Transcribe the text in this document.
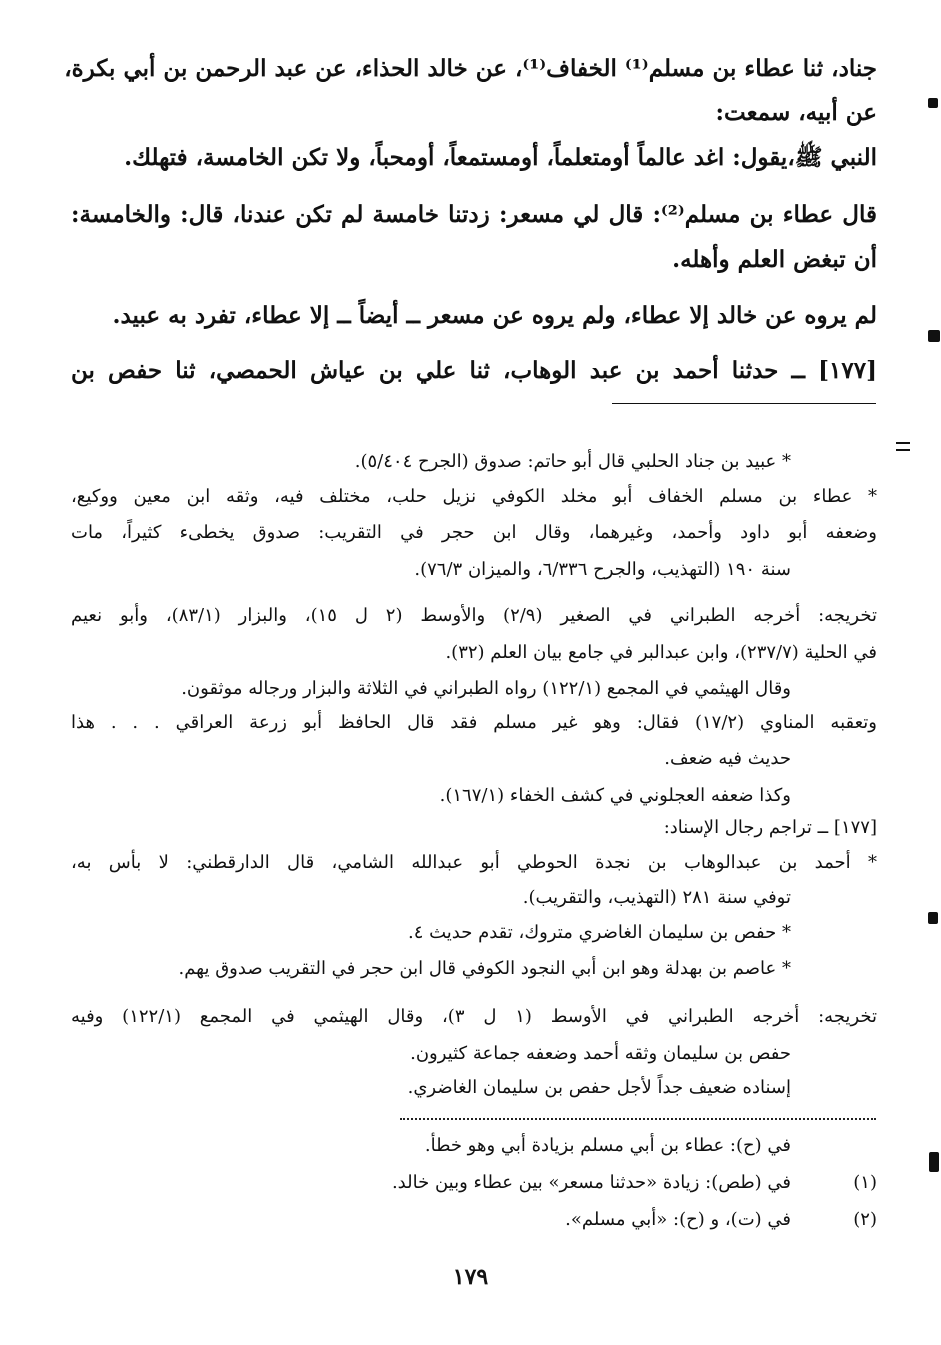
جناد، ثنا عطاء بن مسلم⁽¹⁾ الخفاف⁽¹⁾، عن خالد الحذاء، عن عبد الرحمن بن أبي بكرة،
عن أبيه، سمعت:
النبي ﷺ،يقول: اغد عالماً أومتعلماً، أومستمعاً، أومحباً، ولا تكن الخامسة، فتهلك.
قال عطاء بن مسلم⁽²⁾: قال لي مسعر: زدتنا خامسة لم تكن عندنا، قال: والخامسة:
أن تبغض العلم وأهله.
لم يروه عن خالد إلا عطاء، ولم يروه عن مسعر ــ أيضاً ــ إلا عطاء، تفرد به عبيد.
[١٧٧] ــ حدثنا أحمد بن عبد الوهاب، ثنا علي بن عياش الحمصي، ثنا حفص بن
* عبيد بن جناد الحلبي قال أبو حاتم: صدوق (الجرح ٥/٤٠٤).
* عطاء بن مسلم الخفاف أبو مخلد الكوفي نزيل حلب، مختلف فيه، وثقه ابن معين ووكيع،
وضعفه أبو داود وأحمد، وغيرهما، وقال ابن حجر في التقريب: صدوق يخطىء كثيراً، مات
سنة ١٩٠ (التهذيب، والجرح ٦/٣٣٦، والميزان ٧٦/٣).
تخريجه: أخرجه الطبراني في الصغير (٢/٩) والأوسط (٢ ل ١٥)، والبزار (٨٣/١)، وأبو نعيم
في الحلية (٢٣٧/٧)، وابن عبدالبر في جامع بيان العلم (٣٢).
وقال الهيثمي في المجمع (١٢٢/١) رواه الطبراني في الثلاثة والبزار ورجاله موثقون.
وتعقبه المناوي (١٧/٢) فقال: وهو غير مسلم فقد قال الحافظ أبو زرعة العراقي . . . هذا
حديث فيه ضعف.
وكذا ضعفه العجلوني في كشف الخفاء (١٦٧/١).
[١٧٧] ــ تراجم رجال الإسناد:
* أحمد بن عبدالوهاب بن نجدة الحوطي أبو عبدالله الشامي، قال الدارقطني: لا بأس به،
توفي سنة ٢٨١ (التهذيب، والتقريب).
* حفص بن سليمان الغاضري متروك، تقدم حديث ٤.
* عاصم بن بهدلة وهو ابن أبي النجود الكوفي قال ابن حجر في التقريب صدوق يهم.
تخريجه: أخرجه الطبراني في الأوسط (١ ل ٣)، وقال الهيثمي في المجمع (١٢٢/١) وفيه
حفص بن سليمان وثقه أحمد وضعفه جماعة كثيرون.
إسناده ضعيف جداً لأجل حفص بن سليمان الغاضري.
في (ح): عطاء بن أبي مسلم بزيادة أبي وهو خطأ.
(١)
في (طص): زيادة «حدثنا مسعر» بين عطاء وبين خالد.
(٢)
في (ت)، و (ح): «أبي مسلم».
١٧٩
